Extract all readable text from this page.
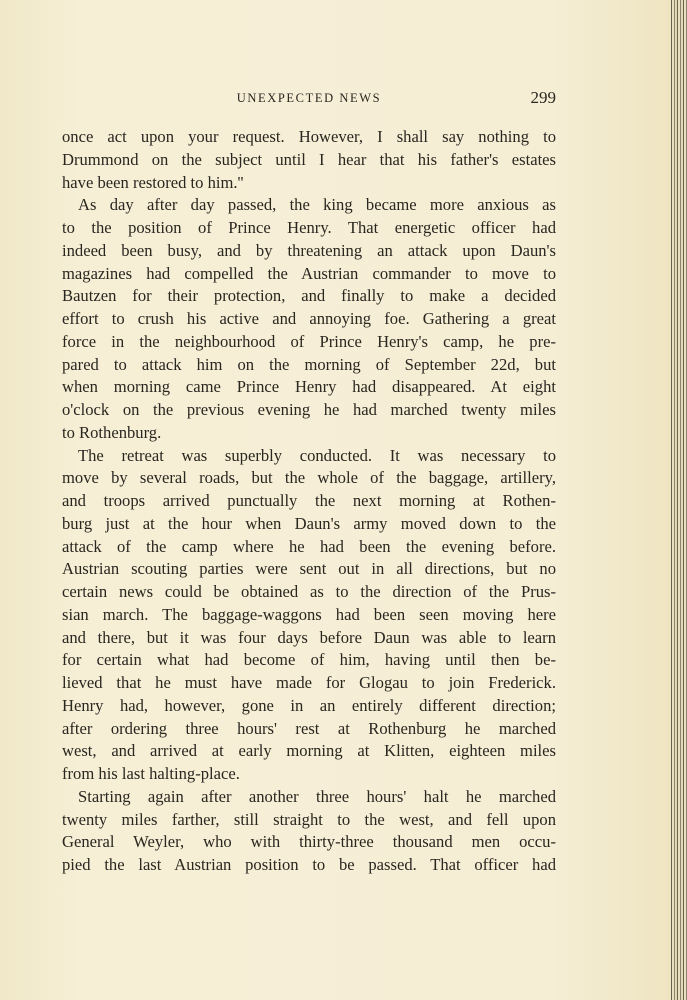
UNEXPECTED NEWS	299
once act upon your request. However, I shall say nothing to
Drummond on the subject until I hear that his father's estates
have been restored to him.''
As day after day passed, the king became more anxious as
to the position of Prince Henry. That energetic officer had
indeed been busy, and by threatening an attack upon Daun's
magazines had compelled the Austrian commander to move to
Bautzen for their protection, and finally to make a decided
effort to crush his active and annoying foe. Gathering a great
force in the neighbourhood of Prince Henry's camp, he pre-
pared to attack him on the morning of September 22d, but
when morning came Prince Henry had disappeared. At eight
o'clock on the previous evening he had marched twenty miles
to Rothenburg.
The retreat was superbly conducted. It was necessary to
move by several roads, but the whole of the baggage, artillery,
and troops arrived punctually the next morning at Rothen-
burg just at the hour when Daun's army moved down to the
attack of the camp where he had been the evening before.
Austrian scouting parties were sent out in all directions, but no
certain news could be obtained as to the direction of the Prus-
sian march. The baggage-waggons had been seen moving here
and there, but it was four days before Daun was able to learn
for certain what had become of him, having until then be-
lieved that he must have made for Glogau to join Frederick.
Henry had, however, gone in an entirely different direction;
after ordering three hours' rest at Rothenburg he marched
west, and arrived at early morning at Klitten, eighteen miles
from his last halting-place.
Starting again after another three hours' halt he marched
twenty miles farther, still straight to the west, and fell upon
General Weyler, who with thirty-three thousand men occu-
pied the last Austrian position to be passed. That officer had
